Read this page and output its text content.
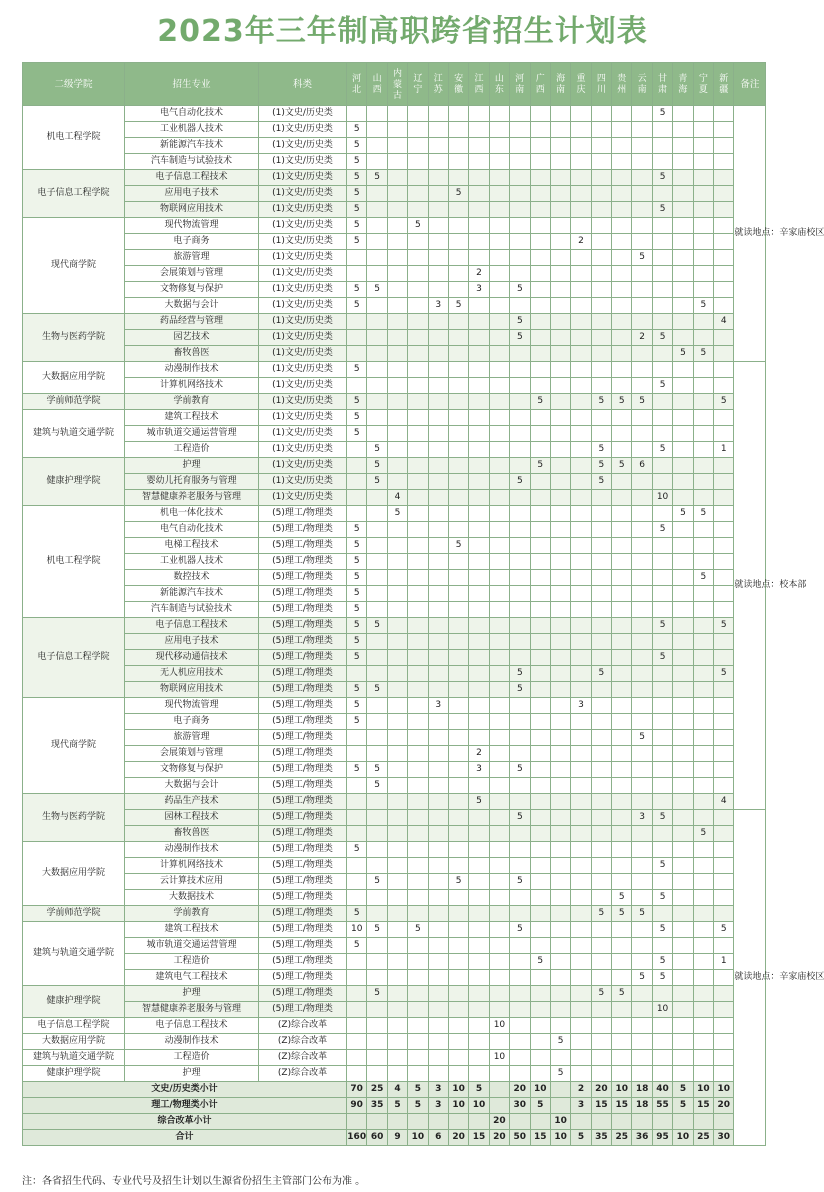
2023年三年制高职跨省招生计划表
二级学院	招生专业	科类	河北	山西	内蒙古	辽宁	江苏	安徽	江西	山东	河南	广西	海南	重庆	四川	贵州	云南	甘肃	青海	宁夏	新疆	备注	
机电工程学院	电气自动化技术	(1)文史/历史类																5				就读地点：辛家庙校区	
	工业机器人技术	(1)文史/历史类	5																				
	新能源汽车技术	(1)文史/历史类	5																				
	汽车制造与试验技术	(1)文史/历史类	5																				
电子信息工程学院	电子信息工程技术	(1)文史/历史类	5	5														5					
	应用电子技术	(1)文史/历史类	5					5															
	物联网应用技术	(1)文史/历史类	5															5					
现代商学院	现代物流管理	(1)文史/历史类	5			5																	
	电子商务	(1)文史/历史类	5											2									
	旅游管理	(1)文史/历史类															5						
	会展策划与管理	(1)文史/历史类							2														
	文物修复与保护	(1)文史/历史类	5	5					3		5												
	大数据与会计	(1)文史/历史类	5				3	5												5			
生物与医药学院	药品经营与管理	(1)文史/历史类									5										4		
	园艺技术	(1)文史/历史类									5						2	5					
	畜牧兽医	(1)文史/历史类																	5	5			
大数据应用学院	动漫制作技术	(1)文史/历史类	5																			就读地点：校本部	
	计算机网络技术	(1)文史/历史类																5					
学前师范学院	学前教育	(1)文史/历史类	5									5			5	5	5				5		
建筑与轨道交通学院	建筑工程技术	(1)文史/历史类	5																				
	城市轨道交通运营管理	(1)文史/历史类	5																				
	工程造价	(1)文史/历史类		5											5			5			1		
健康护理学院	护理	(1)文史/历史类		5								5			5	5	6						
	婴幼儿托育服务与管理	(1)文史/历史类		5							5				5								
	智慧健康养老服务与管理	(1)文史/历史类			4													10					
机电工程学院	机电一体化技术	(5)理工/物理类			5														5	5			
	电气自动化技术	(5)理工/物理类	5															5					
	电梯工程技术	(5)理工/物理类	5					5															
	工业机器人技术	(5)理工/物理类	5																				
	数控技术	(5)理工/物理类	5																	5			
	新能源汽车技术	(5)理工/物理类	5																				
	汽车制造与试验技术	(5)理工/物理类	5																				
电子信息工程学院	电子信息工程技术	(5)理工/物理类	5	5														5			5		
	应用电子技术	(5)理工/物理类	5																				
	现代移动通信技术	(5)理工/物理类	5															5					
	无人机应用技术	(5)理工/物理类									5				5						5		
	物联网应用技术	(5)理工/物理类	5	5							5												
现代商学院	现代物流管理	(5)理工/物理类	5				3							3									
	电子商务	(5)理工/物理类	5																				
	旅游管理	(5)理工/物理类															5						
	会展策划与管理	(5)理工/物理类							2														
	文物修复与保护	(5)理工/物理类	5	5					3		5												
	大数据与会计	(5)理工/物理类		5																			
生物与医药学院	药品生产技术	(5)理工/物理类							5												4		
	园林工程技术	(5)理工/物理类									5						3	5				就读地点：辛家庙校区	
	畜牧兽医	(5)理工/物理类																		5			
大数据应用学院	动漫制作技术	(5)理工/物理类	5																				
	计算机网络技术	(5)理工/物理类																5					
	云计算技术应用	(5)理工/物理类		5				5			5												
	大数据技术	(5)理工/物理类														5		5					
学前师范学院	学前教育	(5)理工/物理类	5												5	5	5						
建筑与轨道交通学院	建筑工程技术	(5)理工/物理类	10	5		5					5							5			5		
	城市轨道交通运营管理	(5)理工/物理类	5																				
	工程造价	(5)理工/物理类										5						5			1		
	建筑电气工程技术	(5)理工/物理类															5	5					
健康护理学院	护理	(5)理工/物理类		5											5	5							
	智慧健康养老服务与管理	(5)理工/物理类																10					
电子信息工程学院	电子信息工程技术	(Z)综合改革								10													
大数据应用学院	动漫制作技术	(Z)综合改革											5										
建筑与轨道交通学院	工程造价	(Z)综合改革								10													
健康护理学院	护理	(Z)综合改革											5										
文史/历史类小计			70	25	4	5	3	10	5		20	10		2	20	10	18	40	5	10	10		
理工/物理类小计			90	35	5	5	3	10	10		30	5		3	15	15	18	55	5	15	20		
综合改革小计										20			10										
合计			160	60	9	10	6	20	15	20	50	15	10	5	35	25	36	95	10	25	30		
注：各省招生代码、专业代号及招生计划以生源省份招生主管部门公布为准 。
